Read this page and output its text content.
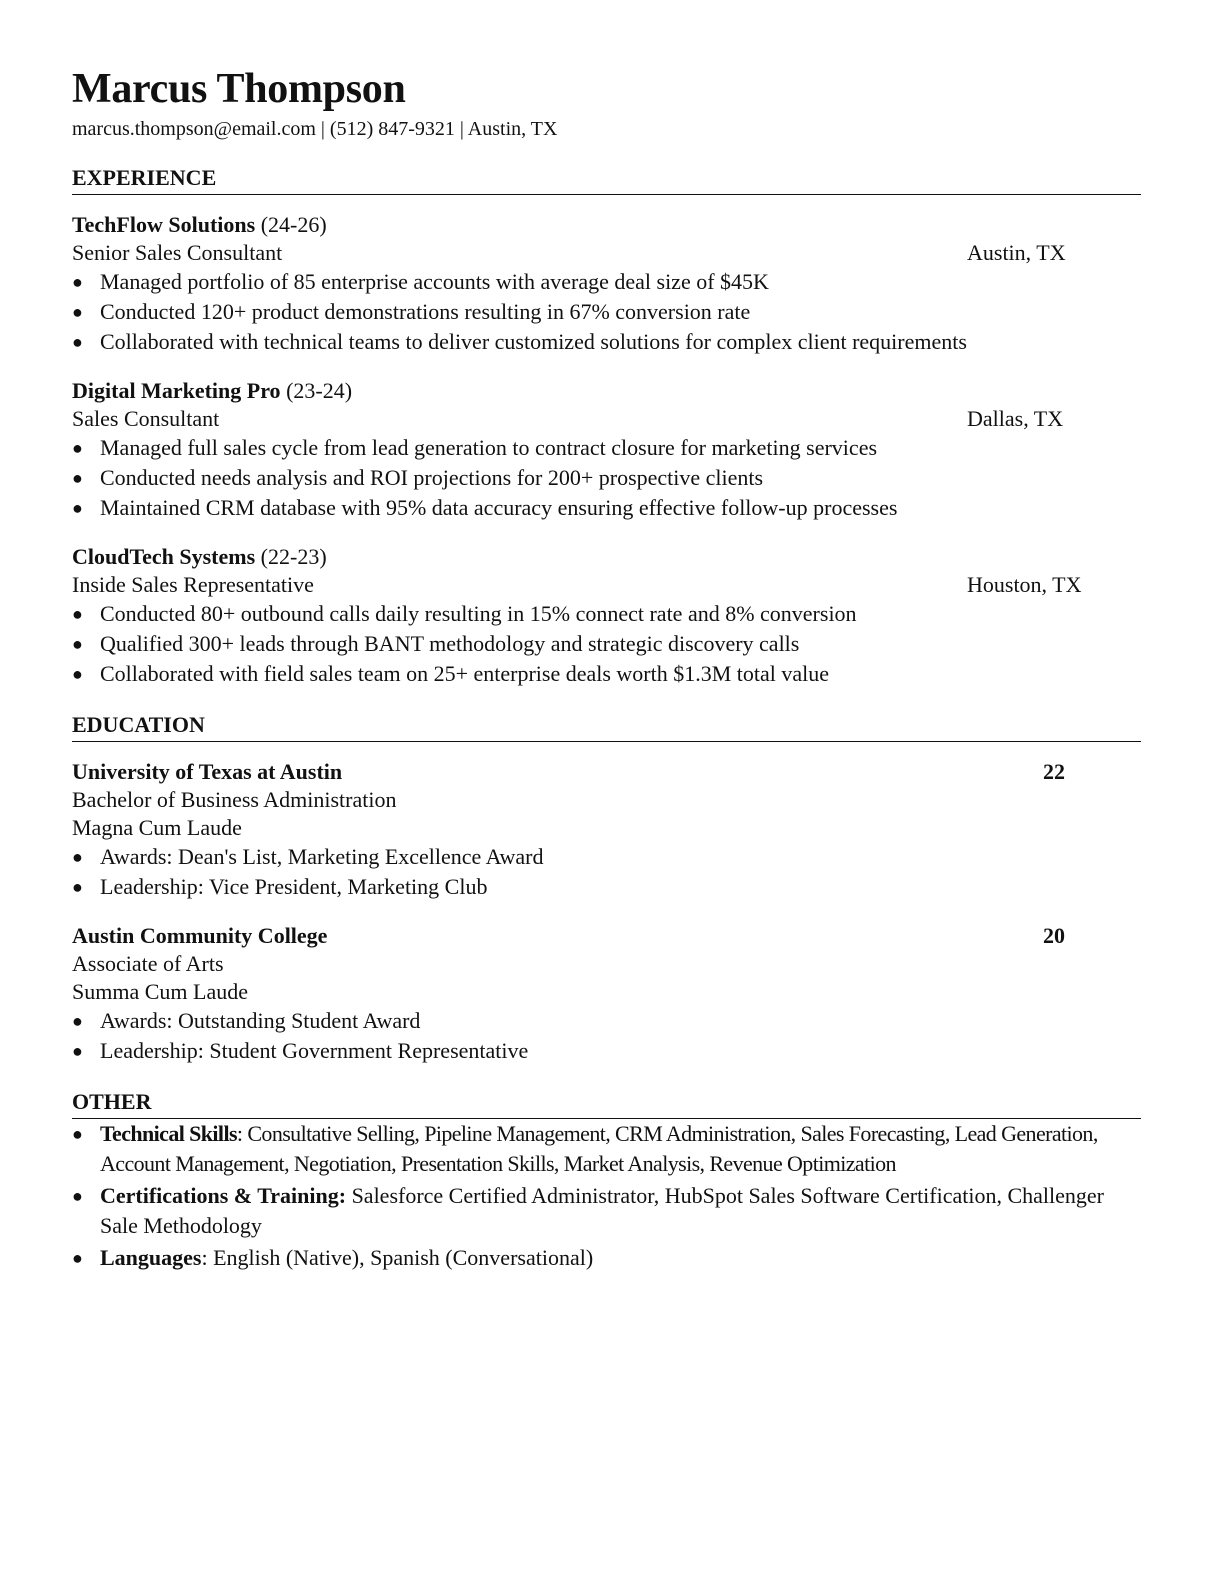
Marcus Thompson
marcus.thompson@email.com | (512) 847-9321 | Austin, TX
EXPERIENCE
TechFlow Solutions (24-26)
Senior Sales Consultant	Austin, TX
● Managed portfolio of 85 enterprise accounts with average deal size of $45K
● Conducted 120+ product demonstrations resulting in 67% conversion rate
● Collaborated with technical teams to deliver customized solutions for complex client requirements
Digital Marketing Pro (23-24)
Sales Consultant	Dallas, TX
● Managed full sales cycle from lead generation to contract closure for marketing services
● Conducted needs analysis and ROI projections for 200+ prospective clients
● Maintained CRM database with 95% data accuracy ensuring effective follow-up processes
CloudTech Systems (22-23)
Inside Sales Representative	Houston, TX
● Conducted 80+ outbound calls daily resulting in 15% connect rate and 8% conversion
● Qualified 300+ leads through BANT methodology and strategic discovery calls
● Collaborated with field sales team on 25+ enterprise deals worth $1.3M total value
EDUCATION
University of Texas at Austin	22
Bachelor of Business Administration
Magna Cum Laude
● Awards: Dean's List, Marketing Excellence Award
● Leadership: Vice President, Marketing Club
Austin Community College	20
Associate of Arts
Summa Cum Laude
● Awards: Outstanding Student Award
● Leadership: Student Government Representative
OTHER
● Technical Skills: Consultative Selling, Pipeline Management, CRM Administration, Sales Forecasting, Lead Generation, Account Management, Negotiation, Presentation Skills, Market Analysis, Revenue Optimization
● Certifications & Training: Salesforce Certified Administrator, HubSpot Sales Software Certification, Challenger Sale Methodology
● Languages: English (Native), Spanish (Conversational)
